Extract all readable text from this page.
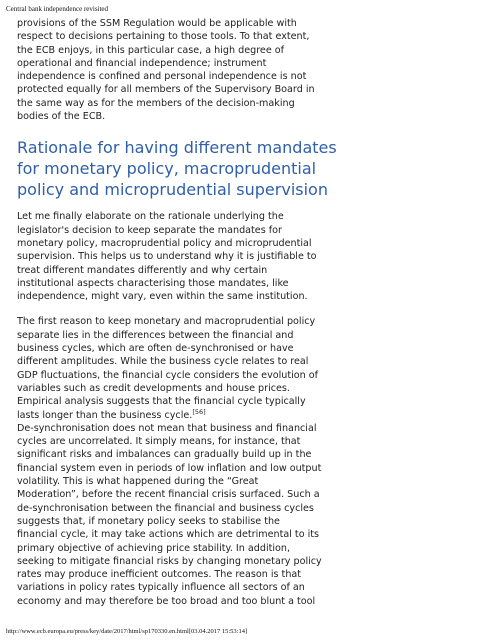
Central bank independence revisited

provisions of the SSM Regulation would be applicable with

respect to decisions pertaining to those tools. To that extent,

the ECB enjoys, in this particular case, a high degree of

operational and financial independence; instrument

independence is confined and personal independence is not

protected equally for all members of the Supervisory Board in

the same way as for the members of the decision-making

bodies of the ECB.

Rationale for having different mandates

for monetary policy, macroprudential

policy and microprudential supervision

Let me finally elaborate on the rationale underlying the

legislator's decision to keep separate the mandates for

monetary policy, macroprudential policy and microprudential

supervision. This helps us to understand why it is justifiable to

treat different mandates differently and why certain

institutional aspects characterising those mandates, like

independence, might vary, even within the same institution.

The first reason to keep monetary and macroprudential policy

separate lies in the differences between the financial and

business cycles, which are often de-synchronised or have

different amplitudes. While the business cycle relates to real

GDP fluctuations, the financial cycle considers the evolution of

variables such as credit developments and house prices.

Empirical analysis suggests that the financial cycle typically

lasts longer than the business cycle.[56]

De-synchronisation does not mean that business and financial

cycles are uncorrelated. It simply means, for instance, that

significant risks and imbalances can gradually build up in the

financial system even in periods of low inflation and low output

volatility. This is what happened during the “Great

Moderation”, before the recent financial crisis surfaced. Such a

de-synchronisation between the financial and business cycles

suggests that, if monetary policy seeks to stabilise the

financial cycle, it may take actions which are detrimental to its

primary objective of achieving price stability. In addition,

seeking to mitigate financial risks by changing monetary policy

rates may produce inefficient outcomes. The reason is that

variations in policy rates typically influence all sectors of an

economy and may therefore be too broad and too blunt a tool

http://www.ecb.europa.eu/press/key/date/2017/html/sp170330.en.html[03.04.2017 15:53:14]
